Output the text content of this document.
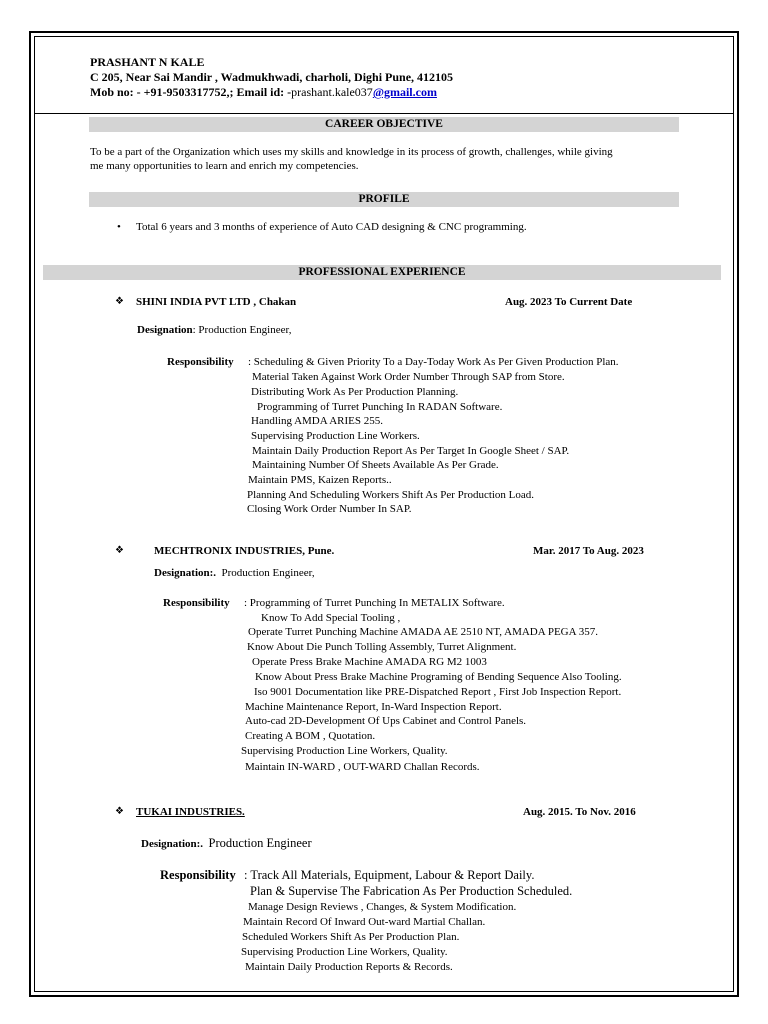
PRASHANT N KALE
C 205, Near Sai Mandir , Wadmukhwadi, charholi, Dighi Pune, 412105
Mob no: - +91-9503317752,; Email id: -prashant.kale037@gmail.com
CAREER OBJECTIVE
To be a part of the Organization which uses my skills and knowledge in its process of growth, challenges, while giving
me many opportunities to learn and enrich my competencies.
PROFILE
• Total 6 years and 3 months of experience of Auto CAD designing & CNC programming.
PROFESSIONAL EXPERIENCE
❖ SHINI INDIA PVT LTD , Chakan	Aug. 2023 To Current Date
Designation: Production Engineer,
Responsibility : Scheduling & Given Priority To a Day-Today Work As Per Given Production Plan.
Material Taken Against Work Order Number Through SAP from Store.
Distributing Work As Per Production Planning.
Programming of Turret Punching In RADAN Software.
Handling AMDA ARIES 255.
Supervising Production Line Workers.
Maintain Daily Production Report As Per Target In Google Sheet / SAP.
Maintaining Number Of Sheets Available As Per Grade.
Maintain PMS, Kaizen Reports..
Planning And Scheduling Workers Shift As Per Production Load.
Closing Work Order Number In SAP.
❖	MECHTRONIX INDUSTRIES, Pune.	Mar. 2017 To Aug. 2023
Designation:. Production Engineer,
Responsibility : Programming of Turret Punching In METALIX Software.
Know To Add Special Tooling ,
Operate Turret Punching Machine AMADA AE 2510 NT, AMADA PEGA 357.
Know About Die Punch Tolling Assembly, Turret Alignment.
Operate Press Brake Machine AMADA RG M2 1003
Know About Press Brake Machine Programing of Bending Sequence Also Tooling.
Iso 9001 Documentation like PRE-Dispatched Report , First Job Inspection Report.
Machine Maintenance Report, In-Ward Inspection Report.
Auto-cad 2D-Development Of Ups Cabinet and Control Panels.
Creating A BOM , Quotation.
Supervising Production Line Workers, Quality.
Maintain IN-WARD , OUT-WARD Challan Records.
❖ TUKAI INDUSTRIES.	Aug. 2015. To Nov. 2016
Designation:. Production Engineer
Responsibility : Track All Materials, Equipment, Labour & Report Daily.
Plan & Supervise The Fabrication As Per Production Scheduled.
Manage Design Reviews , Changes, & System Modification.
Maintain Record Of Inward Out-ward Martial Challan.
Scheduled Workers Shift As Per Production Plan.
Supervising Production Line Workers, Quality.
Maintain Daily Production Reports & Records.
